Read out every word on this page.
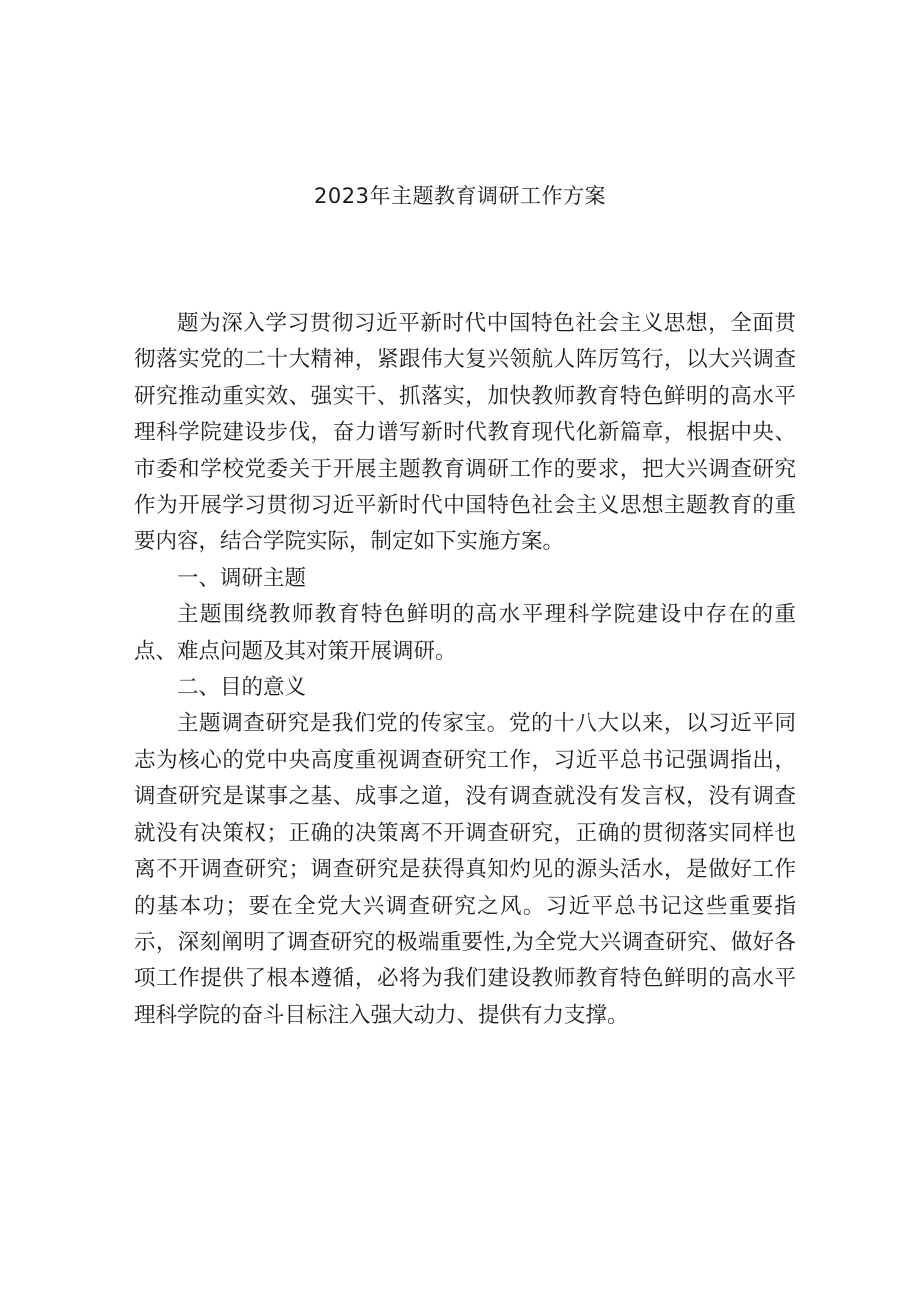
2023年主题教育调研工作方案

题为深入学习贯彻习近平新时代中国特色社会主义思想，全面贯彻落实党的二十大精神，紧跟伟大复兴领航人阵厉笃行，以大兴调查研究推动重实效、强实干、抓落实，加快教师教育特色鲜明的高水平理科学院建设步伐，奋力谱写新时代教育现代化新篇章，根据中央、市委和学校党委关于开展主题教育调研工作的要求，把大兴调查研究作为开展学习贯彻习近平新时代中国特色社会主义思想主题教育的重要内容，结合学院实际，制定如下实施方案。

一、调研主题

主题围绕教师教育特色鲜明的高水平理科学院建设中存在的重点、难点问题及其对策开展调研。

二、目的意义

主题调查研究是我们党的传家宝。党的十八大以来，以习近平同志为核心的党中央高度重视调查研究工作，习近平总书记强调指出，调查研究是谋事之基、成事之道，没有调查就没有发言权，没有调查就没有决策权；正确的决策离不开调查研究，正确的贯彻落实同样也离不开调查研究；调查研究是获得真知灼见的源头活水，是做好工作的基本功；要在全党大兴调查研究之风。习近平总书记这些重要指示，深刻阐明了调查研究的极端重要性,为全党大兴调查研究、做好各项工作提供了根本遵循，必将为我们建设教师教育特色鲜明的高水平理科学院的奋斗目标注入强大动力、提供有力支撑。
